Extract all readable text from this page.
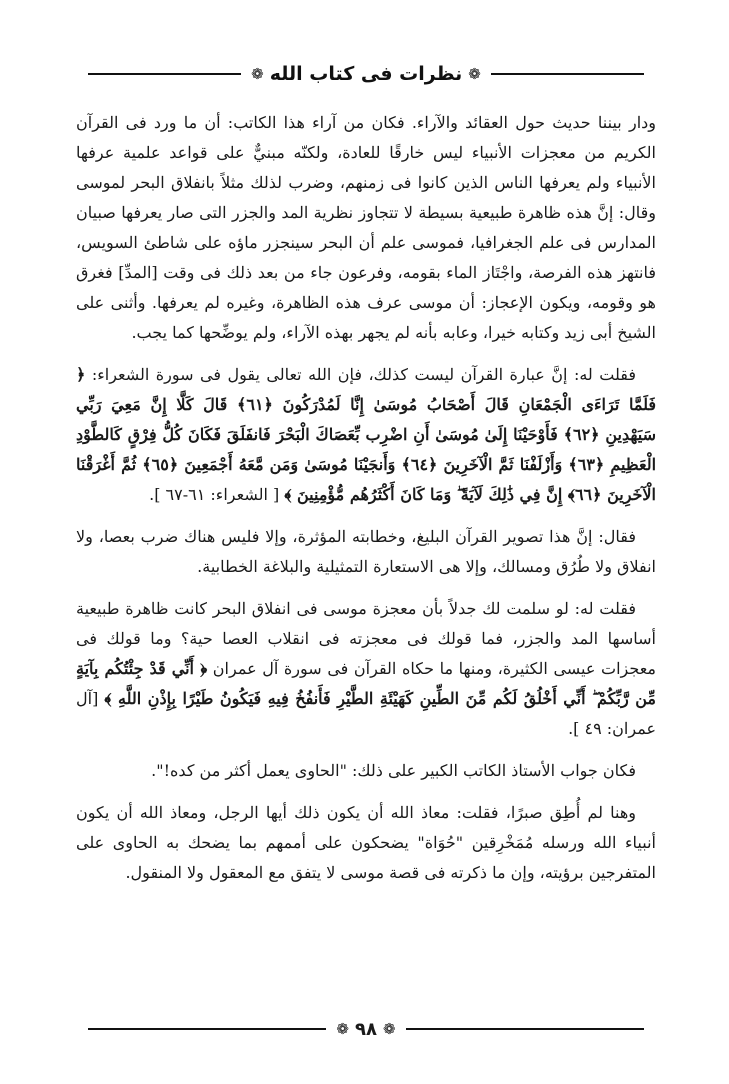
❁
نظرات فى كتاب الله
❁

ودار بيننا حديث حول العقائد والآراء. فكان من آراء هذا الكاتب: أن ما ورد فى القرآن الكريم من معجزات الأنبياء ليس خارقًا للعادة، ولكنّه مبنيٌّ على قواعد علمية عرفها الأنبياء ولم يعرفها الناس الذين كانوا فى زمنهم، وضرب لذلك مثلاً بانفلاق البحر لموسى وقال: إنَّ هذه ظاهرة طبيعية بسيطة لا تتجاوز نظرية المد والجزر التى صار يعرفها صبيان المدارس فى علم الجغرافيا، فموسى علم أن البحر سينجزر ماؤه على شاطئ السويس، فانتهز هذه الفرصة، واجْتَاز الماء بقومه، وفرعون جاء من بعد ذلك فى وقت [المدِّ] فغرق هو وقومه، ويكون الإعجاز: أن موسى عرف هذه الظاهرة، وغيره لم يعرفها. وأثنى على الشيخ أبى زيد وكتابه خيرا، وعابه بأنه لم يجهر بهذه الآراء، ولم يوضِّحها كما يجب.

فقلت له: إنَّ عبارة القرآن ليست كذلك، فإن الله تعالى يقول فى سورة الشعراء: ﴿ فَلَمَّا تَرَاءَى الْجَمْعَانِ قَالَ أَصْحَابُ مُوسَىٰ إِنَّا لَمُدْرَكُونَ ﴿٦١﴾ قَالَ كَلَّا إِنَّ مَعِيَ رَبِّي سَيَهْدِينِ ﴿٦٢﴾ فَأَوْحَيْنَا إِلَىٰ مُوسَىٰ أَنِ اضْرِب بِّعَصَاكَ الْبَحْرَ فَانفَلَقَ فَكَانَ كُلُّ فِرْقٍ كَالطَّوْدِ الْعَظِيمِ ﴿٦٣﴾ وَأَزْلَفْنَا ثَمَّ الْآخَرِينَ ﴿٦٤﴾ وَأَنجَيْنَا مُوسَىٰ وَمَن مَّعَهُ أَجْمَعِينَ ﴿٦٥﴾ ثُمَّ أَغْرَقْنَا الْآخَرِينَ ﴿٦٦﴾ إِنَّ فِي ذَٰلِكَ لَآيَةً ۖ وَمَا كَانَ أَكْثَرُهُم مُّؤْمِنِينَ ﴾ [ الشعراء: ٦١-٦٧ ].

فقال: إنَّ هذا تصوير القرآن البليغ، وخطابته المؤثرة، وإلا فليس هناك ضرب بعصا، ولا انفلاق ولا طُرُق ومسالك، وإلا هى الاستعارة التمثيلية والبلاغة الخطابية.

فقلت له: لو سلمت لك جدلاً بأن معجزة موسى فى انفلاق البحر كانت ظاهرة طبيعية أساسها المد والجزر، فما قولك فى معجزته فى انقلاب العصا حية؟ وما قولك فى معجزات عيسى الكثيرة، ومنها ما حكاه القرآن فى سورة آل عمران ﴿ أَنِّي قَدْ جِئْتُكُم بِآيَةٍ مِّن رَّبِّكُمْ ۖ أَنِّي أَخْلُقُ لَكُم مِّنَ الطِّينِ كَهَيْئَةِ الطَّيْرِ فَأَنفُخُ فِيهِ فَيَكُونُ طَيْرًا بِإِذْنِ اللَّهِ ﴾ [آل عمران: ٤٩ ].

فكان جواب الأستاذ الكاتب الكبير على ذلك: "الحاوى يعمل أكثر من كده!".

وهنا لم أُطِق صبرًا، فقلت: معاذ الله أن يكون ذلك أيها الرجل، ومعاذ الله أن يكون أنبياء الله ورسله مُمَخْرِقين "حُوَاة" يضحكون على أممهم بما يضحك به الحاوى على المتفرجين برؤيته، وإن ما ذكرته فى قصة موسى لا يتفق مع المعقول ولا المنقول.

❁
٩٨
❁
